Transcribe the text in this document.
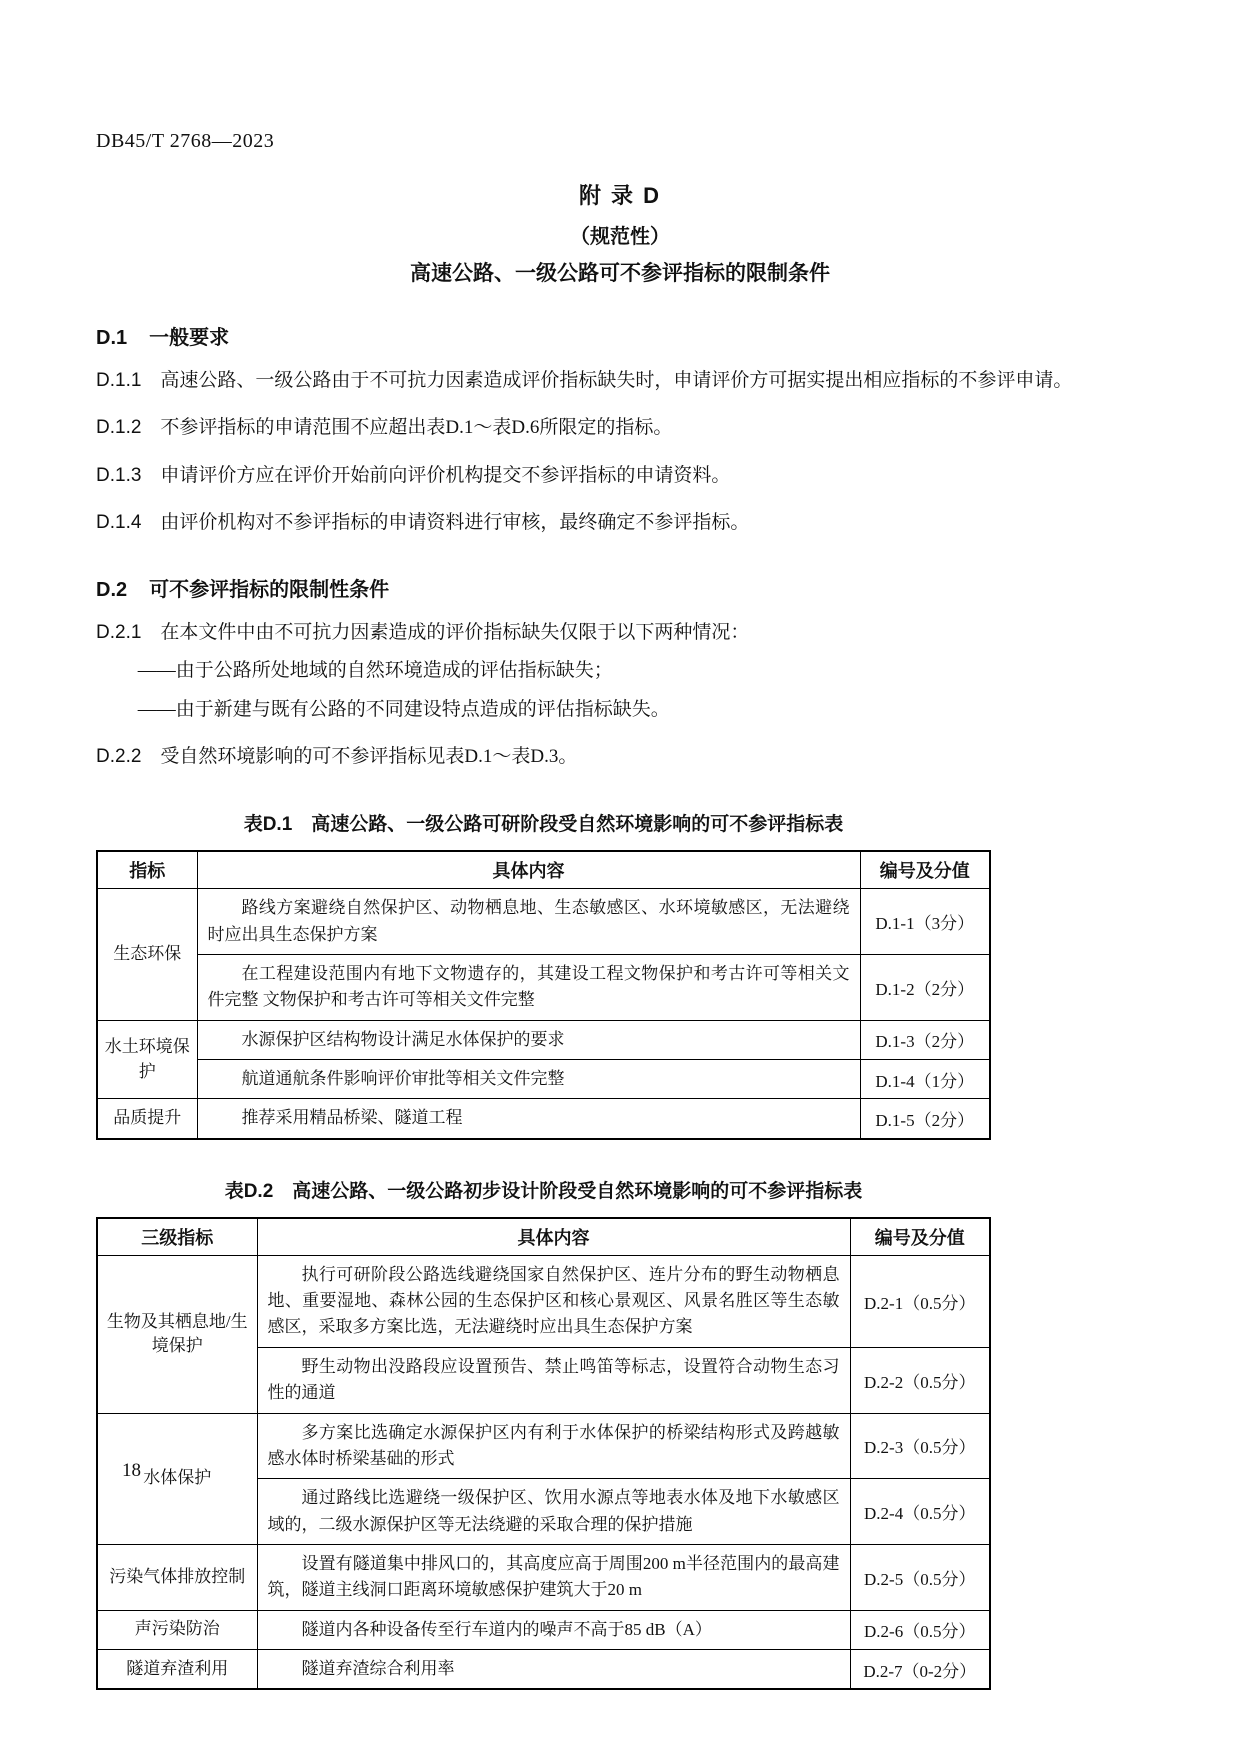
DB45/T 2768—2023
附 录 D
（规范性）
高速公路、一级公路可不参评指标的限制条件
D.1 一般要求

D.1.1 高速公路、一级公路由于不可抗力因素造成评价指标缺失时，申请评价方可据实提出相应指标的不参评申请。

D.1.2 不参评指标的申请范围不应超出表D.1～表D.6所限定的指标。

D.1.3 申请评价方应在评价开始前向评价机构提交不参评指标的申请资料。

D.1.4 由评价机构对不参评指标的申请资料进行审核，最终确定不参评指标。

D.2 可不参评指标的限制性条件

D.2.1 在本文件中由不可抗力因素造成的评价指标缺失仅限于以下两种情况：

——由于公路所处地域的自然环境造成的评估指标缺失；

——由于新建与既有公路的不同建设特点造成的评估指标缺失。

D.2.2 受自然环境影响的可不参评指标见表D.1～表D.3。

表D.1　高速公路、一级公路可研阶段受自然环境影响的可不参评指标表
指标	具体内容	编号及分值
生态环保	路线方案避绕自然保护区、动物栖息地、生态敏感区、水环境敏感区，无法避绕时应出具生态保护方案	D.1-1（3分）
	在工程建设范围内有地下文物遗存的，其建设工程文物保护和考古许可等相关文件完整 文物保护和考古许可等相关文件完整	D.1-2（2分）
水土环境保护	水源保护区结构物设计满足水体保护的要求	D.1-3（2分）
	航道通航条件影响评价审批等相关文件完整	D.1-4（1分）
品质提升	推荐采用精品桥梁、隧道工程	D.1-5（2分）
表D.2　高速公路、一级公路初步设计阶段受自然环境影响的可不参评指标表
三级指标	具体内容	编号及分值
生物及其栖息地/生境保护	执行可研阶段公路选线避绕国家自然保护区、连片分布的野生动物栖息地、重要湿地、森林公园的生态保护区和核心景观区、风景名胜区等生态敏感区，采取多方案比选，无法避绕时应出具生态保护方案	D.2-1（0.5分）
	野生动物出没路段应设置预告、禁止鸣笛等标志，设置符合动物生态习性的通道	D.2-2（0.5分）
水体保护	多方案比选确定水源保护区内有利于水体保护的桥梁结构形式及跨越敏感水体时桥梁基础的形式	D.2-3（0.5分）
	通过路线比选避绕一级保护区、饮用水源点等地表水体及地下水敏感区域的，二级水源保护区等无法绕避的采取合理的保护措施	D.2-4（0.5分）
污染气体排放控制	设置有隧道集中排风口的，其高度应高于周围200 m半径范围内的最高建筑，隧道主线洞口距离环境敏感保护建筑大于20 m	D.2-5（0.5分）
声污染防治	隧道内各种设备传至行车道内的噪声不高于85 dB（A）	D.2-6（0.5分）
隧道弃渣利用	隧道弃渣综合利用率	D.2-7（0-2分）
18
